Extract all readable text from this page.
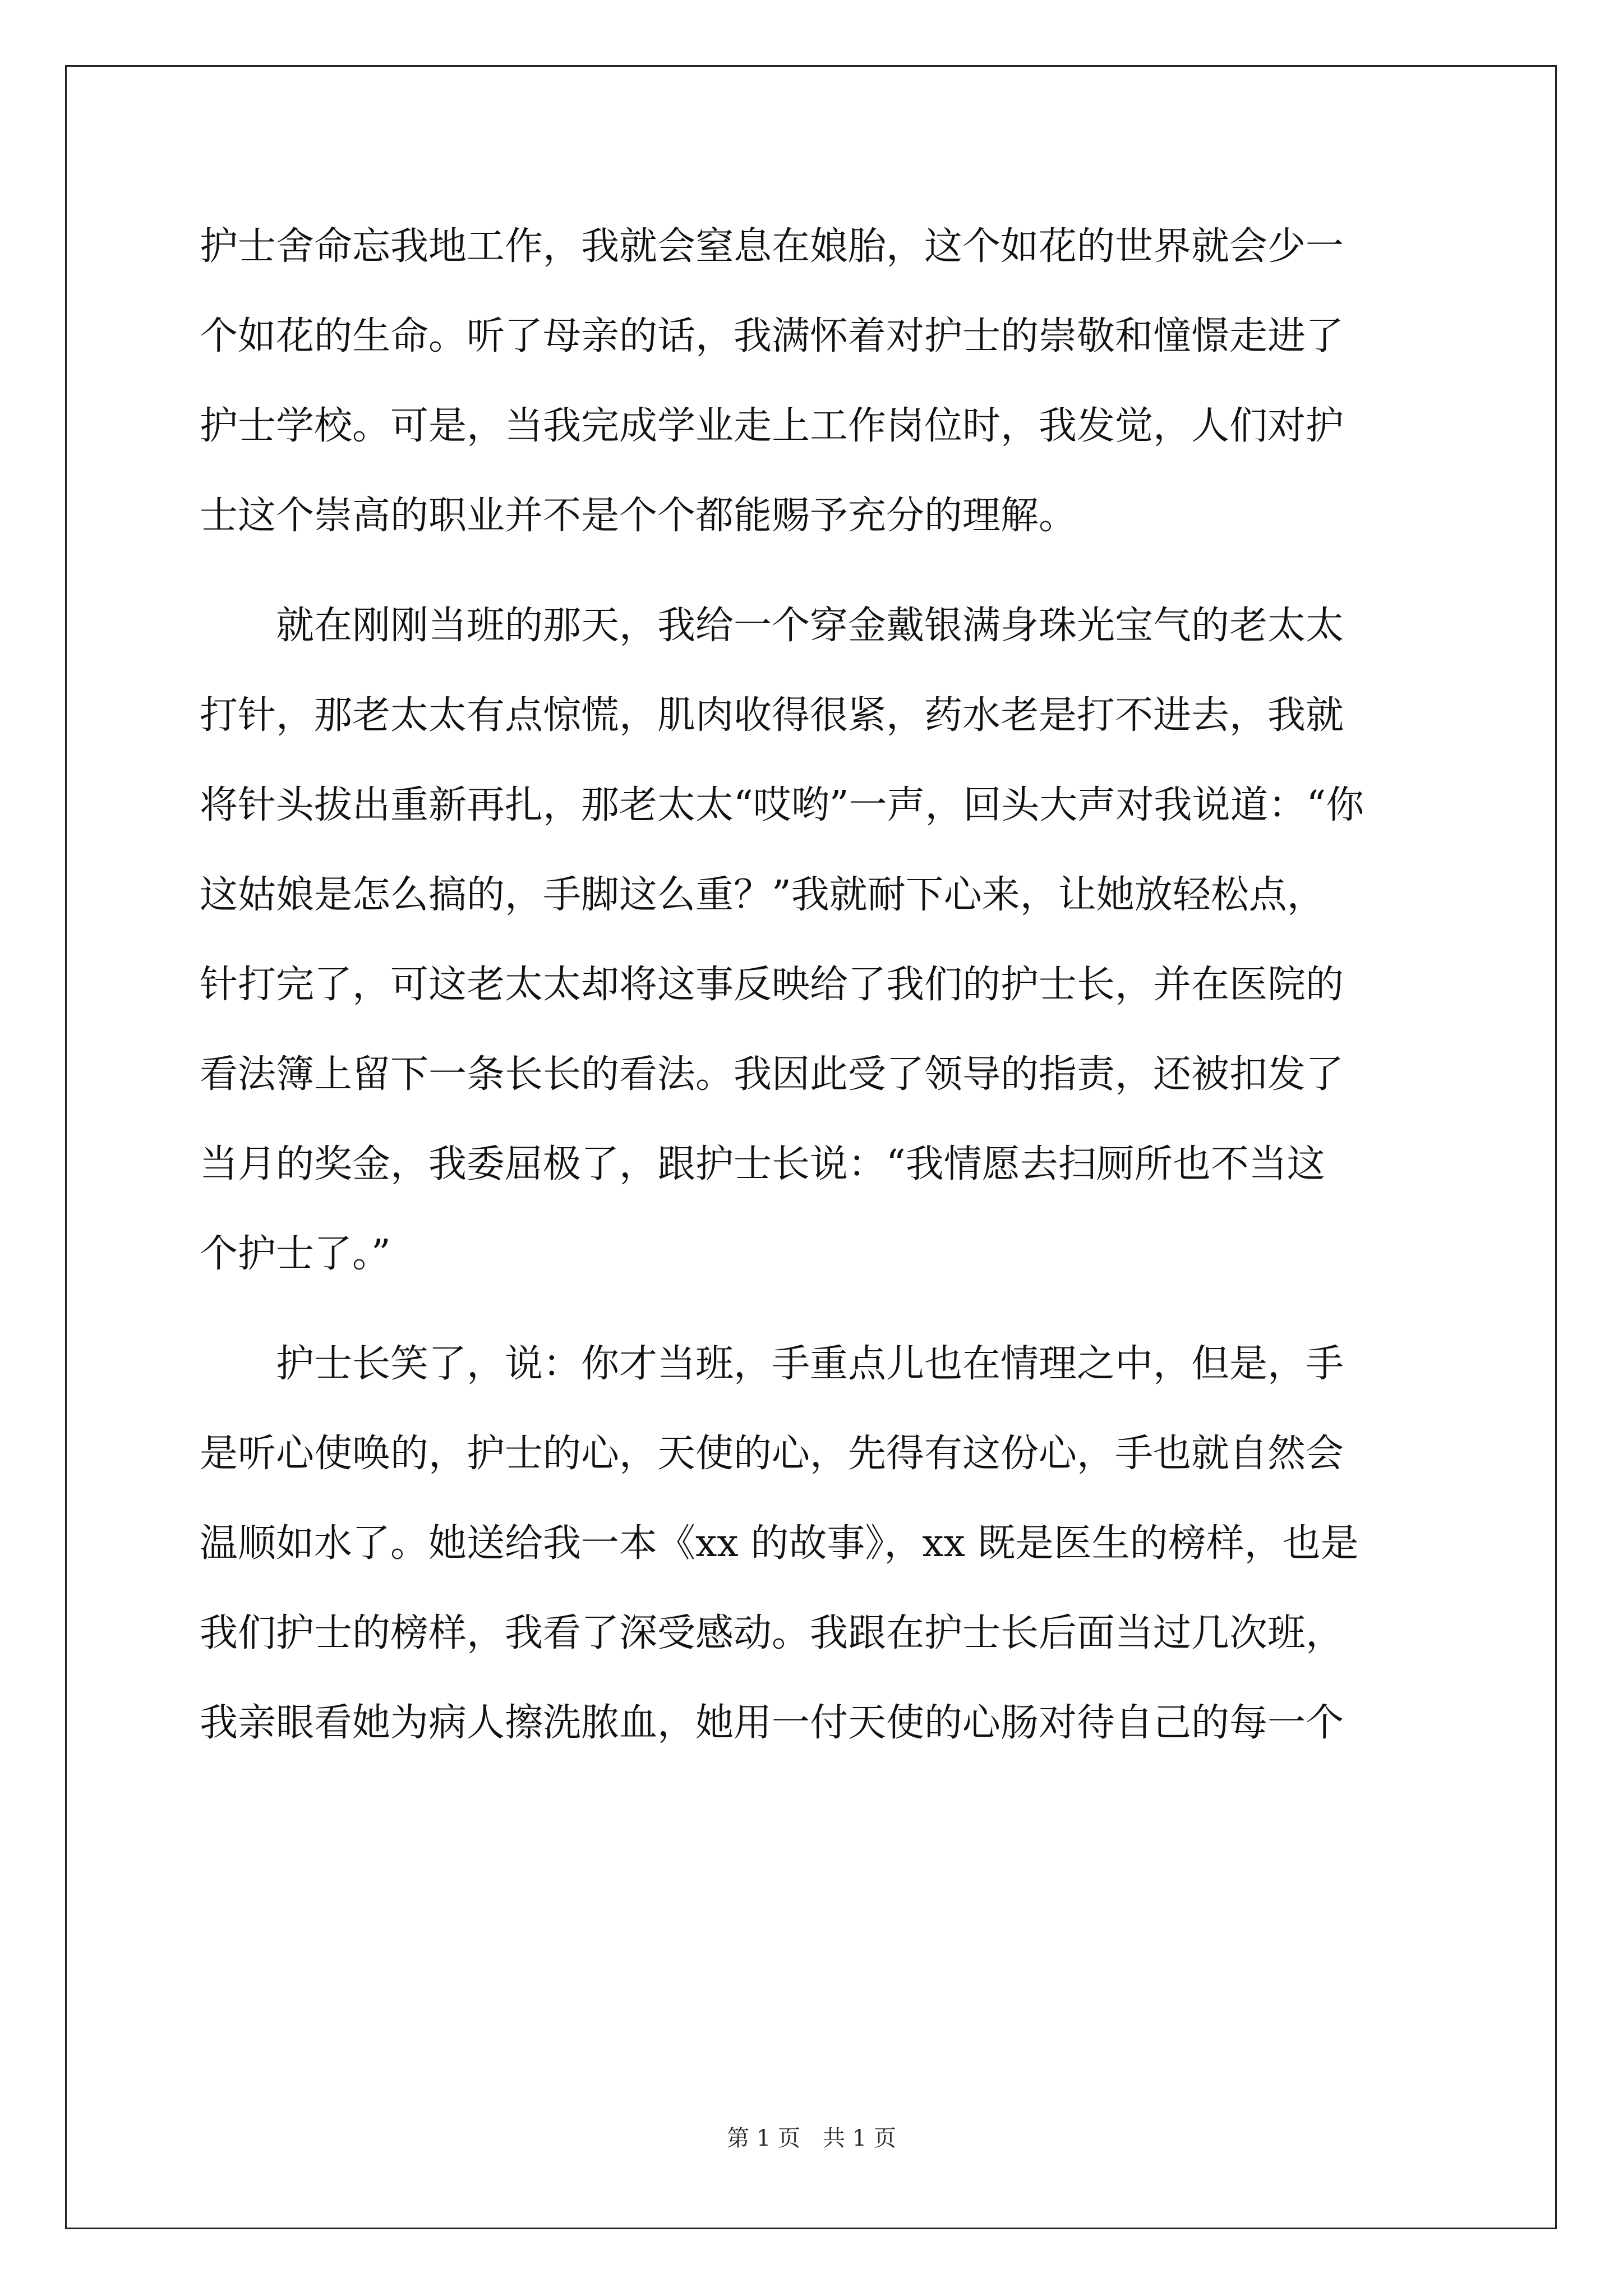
护士舍命忘我地工作，我就会窒息在娘胎，这个如花的世界就会少一
个如花的生命。听了母亲的话，我满怀着对护士的崇敬和憧憬走进了
护士学校。可是，当我完成学业走上工作岗位时，我发觉，人们对护
士这个崇高的职业并不是个个都能赐予充分的理解。
就在刚刚当班的那天，我给一个穿金戴银满身珠光宝气的老太太
打针，那老太太有点惊慌，肌肉收得很紧，药水老是打不进去，我就
将针头拔出重新再扎，那老太太“哎哟”一声，回头大声对我说道：“你
这姑娘是怎么搞的，手脚这么重？”我就耐下心来，让她放轻松点，
针打完了，可这老太太却将这事反映给了我们的护士长，并在医院的
看法簿上留下一条长长的看法。我因此受了领导的指责，还被扣发了
当月的奖金，我委屈极了，跟护士长说：“我情愿去扫厕所也不当这
个护士了。”
护士长笑了，说：你才当班，手重点儿也在情理之中，但是，手
是听心使唤的，护士的心，天使的心，先得有这份心，手也就自然会
温顺如水了。她送给我一本《xx 的故事》，xx 既是医生的榜样，也是
我们护士的榜样，我看了深受感动。我跟在护士长后面当过几次班，
我亲眼看她为病人擦洗脓血，她用一付天使的心肠对待自己的每一个
第 1 页　共 1 页
